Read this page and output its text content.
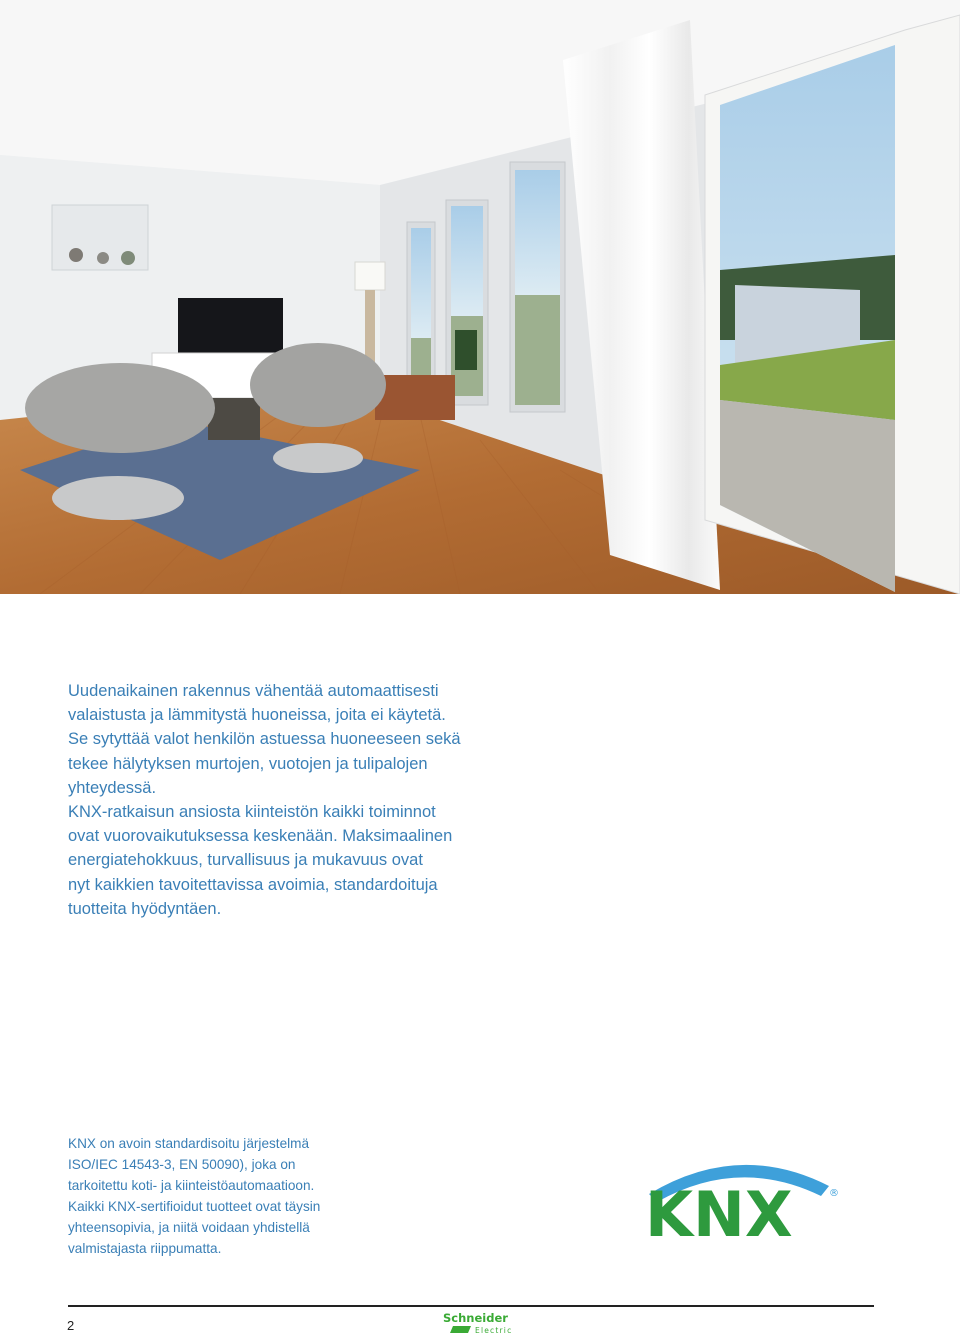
Uudenaikainen rakennus vähentää automaattisesti
valaistusta ja lämmitystä huoneissa, joita ei käytetä.
Se sytyttää valot henkilön astuessa huoneeseen sekä
tekee hälytyksen murtojen, vuotojen ja tulipalojen
yhteydessä.
KNX-ratkaisun ansiosta kiinteistön kaikki toiminnot
ovat vuorovaikutuksessa keskenään. Maksimaalinen
energiatehokkuus, turvallisuus ja mukavuus ovat
nyt kaikkien tavoitettavissa avoimia, standardoituja
tuotteita hyödyntäen.

KNX on avoin standardisoitu järjestelmä
ISO/IEC 14543-3, EN 50090), joka on
tarkoitettu koti- ja kiinteistöautomaatioon.
Kaikki KNX-sertifioidut tuotteet ovat täysin
yhteensopivia, ja niitä voidaan yhdistellä
valmistajasta riippumatta.	KNX	®
2	Schneider
Electric
